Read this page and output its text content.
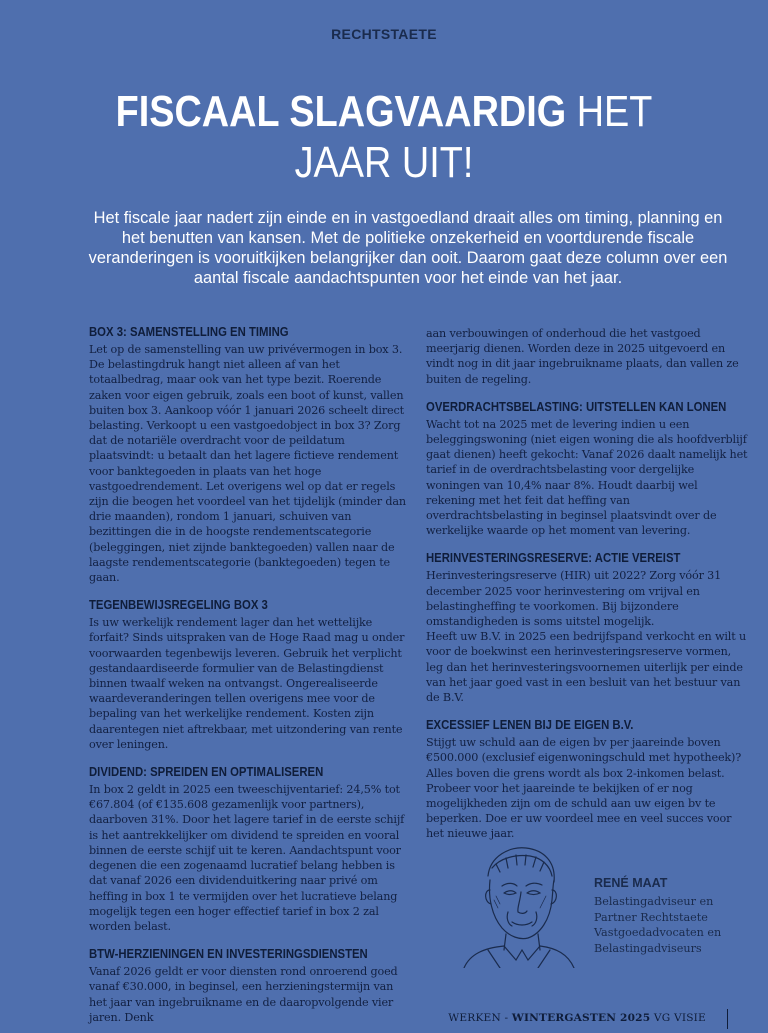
RECHTSTAETE
FISCAAL SLAGVAARDIG HET
JAAR UIT!
Het fiscale jaar nadert zijn einde en in vastgoedland draait alles om timing, planning en het benutten van kansen. Met de politieke onzekerheid en voortdurende fiscale veranderingen is vooruitkijken belangrijker dan ooit. Daarom gaat deze column over een aantal fiscale aandachtspunten voor het einde van het jaar.
BOX 3: SAMENSTELLING EN TIMING

Let op de samenstelling van uw privévermogen in box 3. De belastingdruk hangt niet alleen af van het totaalbedrag, maar ook van het type bezit. Roerende zaken voor eigen gebruik, zoals een boot of kunst, vallen buiten box 3. Aankoop vóór 1 januari 2026 scheelt direct belasting. Verkoopt u een vastgoedobject in box 3? Zorg dat de notariële overdracht voor de peildatum plaatsvindt: u betaalt dan het lagere fictieve rendement voor banktegoeden in plaats van het hoge vastgoedrendement. Let overigens wel op dat er regels zijn die beogen het voordeel van het tijdelijk (minder dan drie maanden), rondom 1 januari, schuiven van bezittingen die in de hoogste rendementscategorie (beleggingen, niet zijnde banktegoeden) vallen naar de laagste rendementscategorie (banktegoeden) tegen te gaan.

TEGENBEWIJSREGELING BOX 3

Is uw werkelijk rendement lager dan het wettelijke forfait? Sinds uitspraken van de Hoge Raad mag u onder voorwaarden tegenbewijs leveren. Gebruik het verplicht gestandaardiseerde formulier van de Belastingdienst binnen twaalf weken na ontvangst. Ongerealiseerde waardeveranderingen tellen overigens mee voor de bepaling van het werkelijke rendement. Kosten zijn daarentegen niet aftrekbaar, met uitzondering van rente over leningen.

DIVIDEND: SPREIDEN EN OPTIMALISEREN

In box 2 geldt in 2025 een tweeschijventarief: 24,5% tot €67.804 (of €135.608 gezamenlijk voor partners), daarboven 31%. Door het lagere tarief in de eerste schijf is het aantrekkelijker om dividend te spreiden en vooral binnen de eerste schijf uit te keren. Aandachtspunt voor degenen die een zogenaamd lucratief belang hebben is dat vanaf 2026 een dividenduitkering naar privé om heffing in box 1 te vermijden over het lucratieve belang mogelijk tegen een hoger effectief tarief in box 2 zal worden belast.

BTW-HERZIENINGEN EN INVESTERINGSDIENSTEN

Vanaf 2026 geldt er voor diensten rond onroerend goed vanaf €30.000, in beginsel, een herzieningstermijn van het jaar van ingebruikname en de daaropvolgende vier jaren. Denk

aan verbouwingen of onderhoud die het vastgoed meerjarig dienen. Worden deze in 2025 uitgevoerd en vindt nog in dit jaar ingebruikname plaats, dan vallen ze buiten de regeling.

OVERDRACHTSBELASTING: UITSTELLEN KAN LONEN

Wacht tot na 2025 met de levering indien u een beleggingswoning (niet eigen woning die als hoofdverblijf gaat dienen) heeft gekocht: Vanaf 2026 daalt namelijk het tarief in de overdrachtsbelasting voor dergelijke woningen van 10,4% naar 8%. Houdt daarbij wel rekening met het feit dat heffing van overdrachtsbelasting in beginsel plaatsvindt over de werkelijke waarde op het moment van levering.

HERINVESTERINGSRESERVE: ACTIE VEREIST

Herinvesteringsreserve (HIR) uit 2022? Zorg vóór 31 december 2025 voor herinvestering om vrijval en belastingheffing te voorkomen. Bij bijzondere omstandigheden is soms uitstel mogelijk.

Heeft uw B.V. in 2025 een bedrijfspand verkocht en wilt u voor de boekwinst een herinvesteringsreserve vormen, leg dan het herinvesteringsvoornemen uiterlijk per einde van het jaar goed vast in een besluit van het bestuur van de B.V.

EXCESSIEF LENEN BIJ DE EIGEN B.V.

Stijgt uw schuld aan de eigen bv per jaareinde boven €500.000 (exclusief eigenwoningschuld met hypotheek)? Alles boven die grens wordt als box 2-inkomen belast. Probeer voor het jaareinde te bekijken of er nog mogelijkheden zijn om de schuld aan uw eigen bv te beperken. Doe er uw voordeel mee en veel succes voor het nieuwe jaar.

RENÉ MAAT
Belastingadviseur en
Partner Rechtstaete
Vastgoedadvocaten en
Belastingadviseurs
WERKEN - WINTERGASTEN 2025 VG VISIE
